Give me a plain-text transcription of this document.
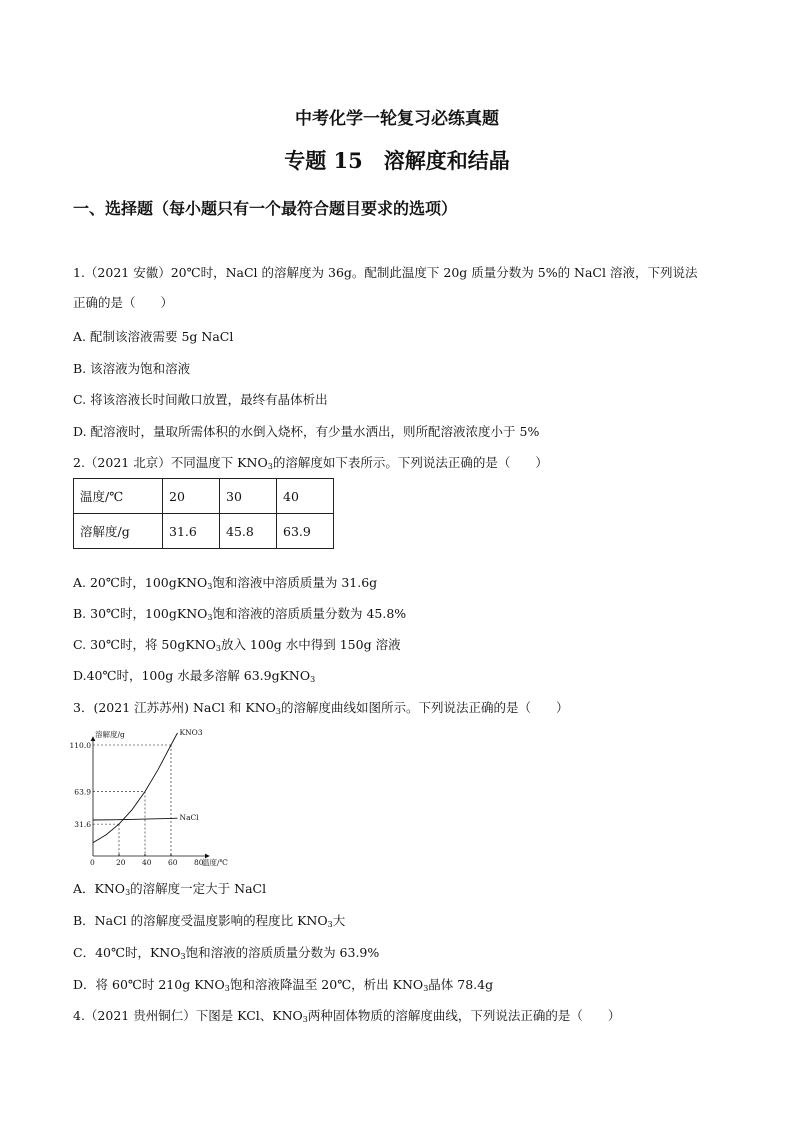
中考化学一轮复习必练真题
专题 15　溶解度和结晶
一、选择题（每小题只有一个最符合题目要求的选项）
1.（2021 安徽）20℃时，NaCl 的溶解度为 36g。配制此温度下 20g 质量分数为 5%的 NaCl 溶液，下列说法
正确的是（　　）
A. 配制该溶液需要 5g NaCl
B. 该溶液为饱和溶液
C. 将该溶液长时间敞口放置，最终有晶体析出
D. 配溶液时，量取所需体积的水倒入烧杯，有少量水洒出，则所配溶液浓度小于 5%
2.（2021 北京）不同温度下 $KNO_3$的溶解度如下表所示。下列说法正确的是（　　）
温度/℃	20	30	40
溶解度/g	31.6	45.8	63.9
A. 20℃时，100gKNO$_3$饱和溶液中溶质质量为 31.6g
B. 30℃时，100gKNO$_3$饱和溶液的溶质质量分数为 45.8%
C. 30℃时，将 50gKNO$_3$放入 100g 水中得到 150g 溶液
D.40℃时，100g 水最多溶解 63.9gKNO$_3$
3．(2021 江苏苏州) NaCl 和 $KNO_3$的溶解度曲线如图所示。下列说法正确的是（　　）
溶解度/g
温度/℃
0	20 40 60 80
31.6
63.9
110.0
KNO3
NaCl
A．$KNO_3$的溶解度一定大于 NaCl
B．NaCl 的溶解度受温度影响的程度比 $KNO_3$大
C．40℃时，$KNO_3$饱和溶液的溶质质量分数为 63.9%
D．将 60℃时 210g $KNO_3$饱和溶液降温至 20℃，析出 $KNO_3$晶体 78.4g
4.（2021 贵州铜仁）下图是 KCl、$KNO_3$两种固体物质的溶解度曲线，下列说法正确的是（　　）
